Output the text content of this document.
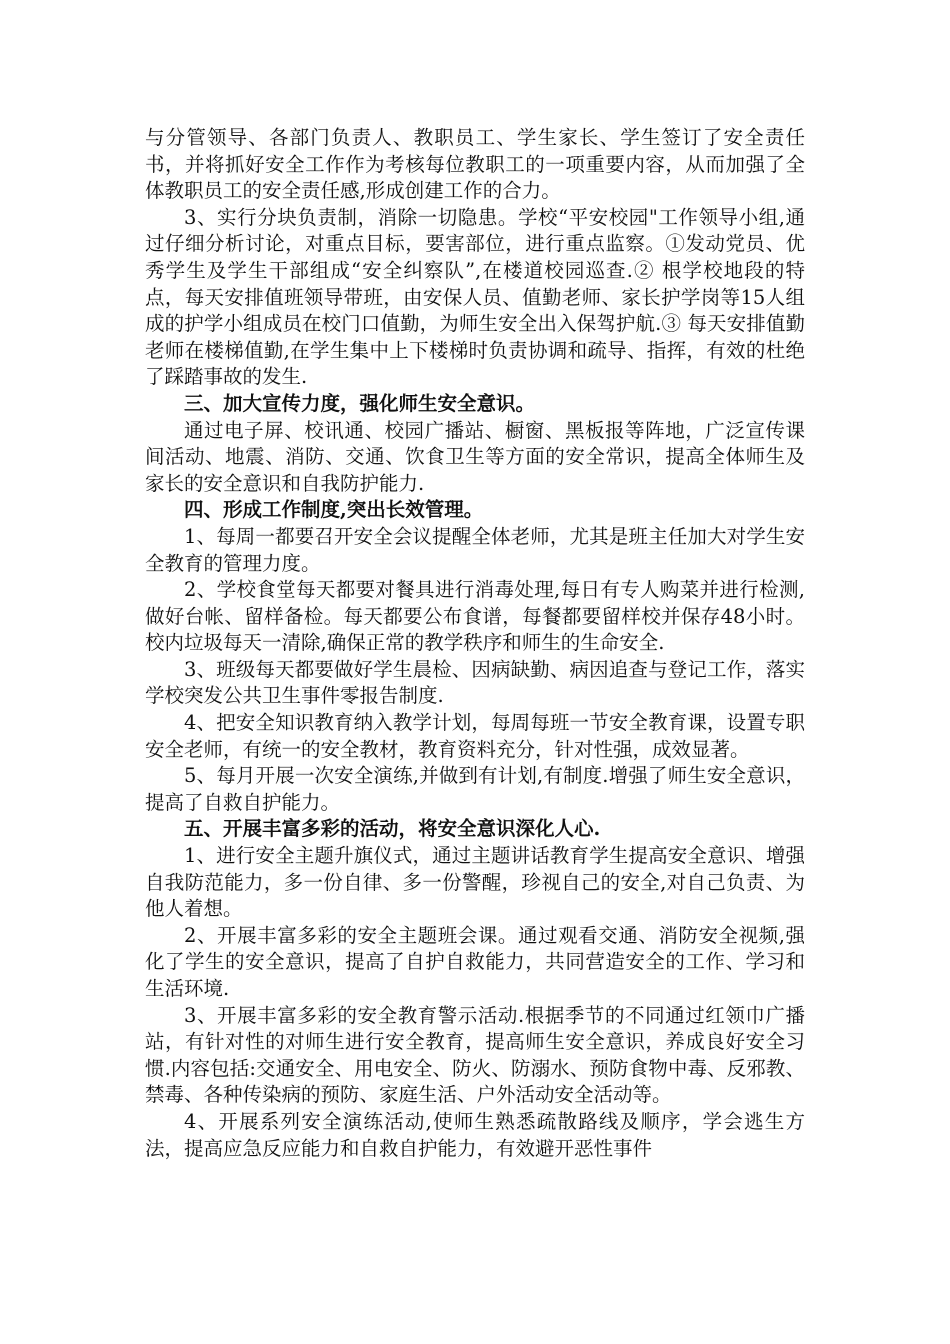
与分管领导、各部门负责人、教职员工、学生家长、学生签订了安全责任书，并将抓好安全工作作为考核每位教职工的一项重要内容，从而加强了全体教职员工的安全责任感,形成创建工作的合力。

3、实行分块负责制，消除一切隐患。学校“平安校园"工作领导小组,通过仔细分析讨论，对重点目标，要害部位，进行重点监察。①发动党员、优秀学生及学生干部组成“安全纠察队”,在楼道校园巡查.② 根学校地段的特点，每天安排值班领导带班，由安保人员、值勤老师、家长护学岗等15人组成的护学小组成员在校门口值勤，为师生安全出入保驾护航.③ 每天安排值勤老师在楼梯值勤,在学生集中上下楼梯时负责协调和疏导、指挥，有效的杜绝了踩踏事故的发生.

三、加大宣传力度，强化师生安全意识。

通过电子屏、校讯通、校园广播站、橱窗、黑板报等阵地，广泛宣传课间活动、地震、消防、交通、饮食卫生等方面的安全常识，提高全体师生及家长的安全意识和自我防护能力.

四、形成工作制度,突出长效管理。

1、每周一都要召开安全会议提醒全体老师，尤其是班主任加大对学生安全教育的管理力度。

2、学校食堂每天都要对餐具进行消毒处理,每日有专人购菜并进行检测,做好台帐、留样备检。每天都要公布食谱，每餐都要留样校并保存48小时。校内垃圾每天一清除,确保正常的教学秩序和师生的生命安全.

3、班级每天都要做好学生晨检、因病缺勤、病因追查与登记工作，落实学校突发公共卫生事件零报告制度.

4、把安全知识教育纳入教学计划，每周每班一节安全教育课，设置专职安全老师，有统一的安全教材，教育资料充分，针对性强，成效显著。

5、每月开展一次安全演练,并做到有计划,有制度.增强了师生安全意识，提高了自救自护能力。

五、开展丰富多彩的活动，将安全意识深化人心.

1、进行安全主题升旗仪式，通过主题讲话教育学生提高安全意识、增强自我防范能力，多一份自律、多一份警醒，珍视自己的安全,对自己负责、为他人着想。

2、开展丰富多彩的安全主题班会课。通过观看交通、消防安全视频,强化了学生的安全意识，提高了自护自救能力，共同营造安全的工作、学习和生活环境.

3、开展丰富多彩的安全教育警示活动.根据季节的不同通过红领巾广播站，有针对性的对师生进行安全教育，提高师生安全意识，养成良好安全习惯.内容包括:交通安全、用电安全、防火、防溺水、预防食物中毒、反邪教、禁毒、各种传染病的预防、家庭生活、户外活动安全活动等。

4、开展系列安全演练活动,使师生熟悉疏散路线及顺序，学会逃生方法，提高应急反应能力和自救自护能力，有效避开恶性事件
